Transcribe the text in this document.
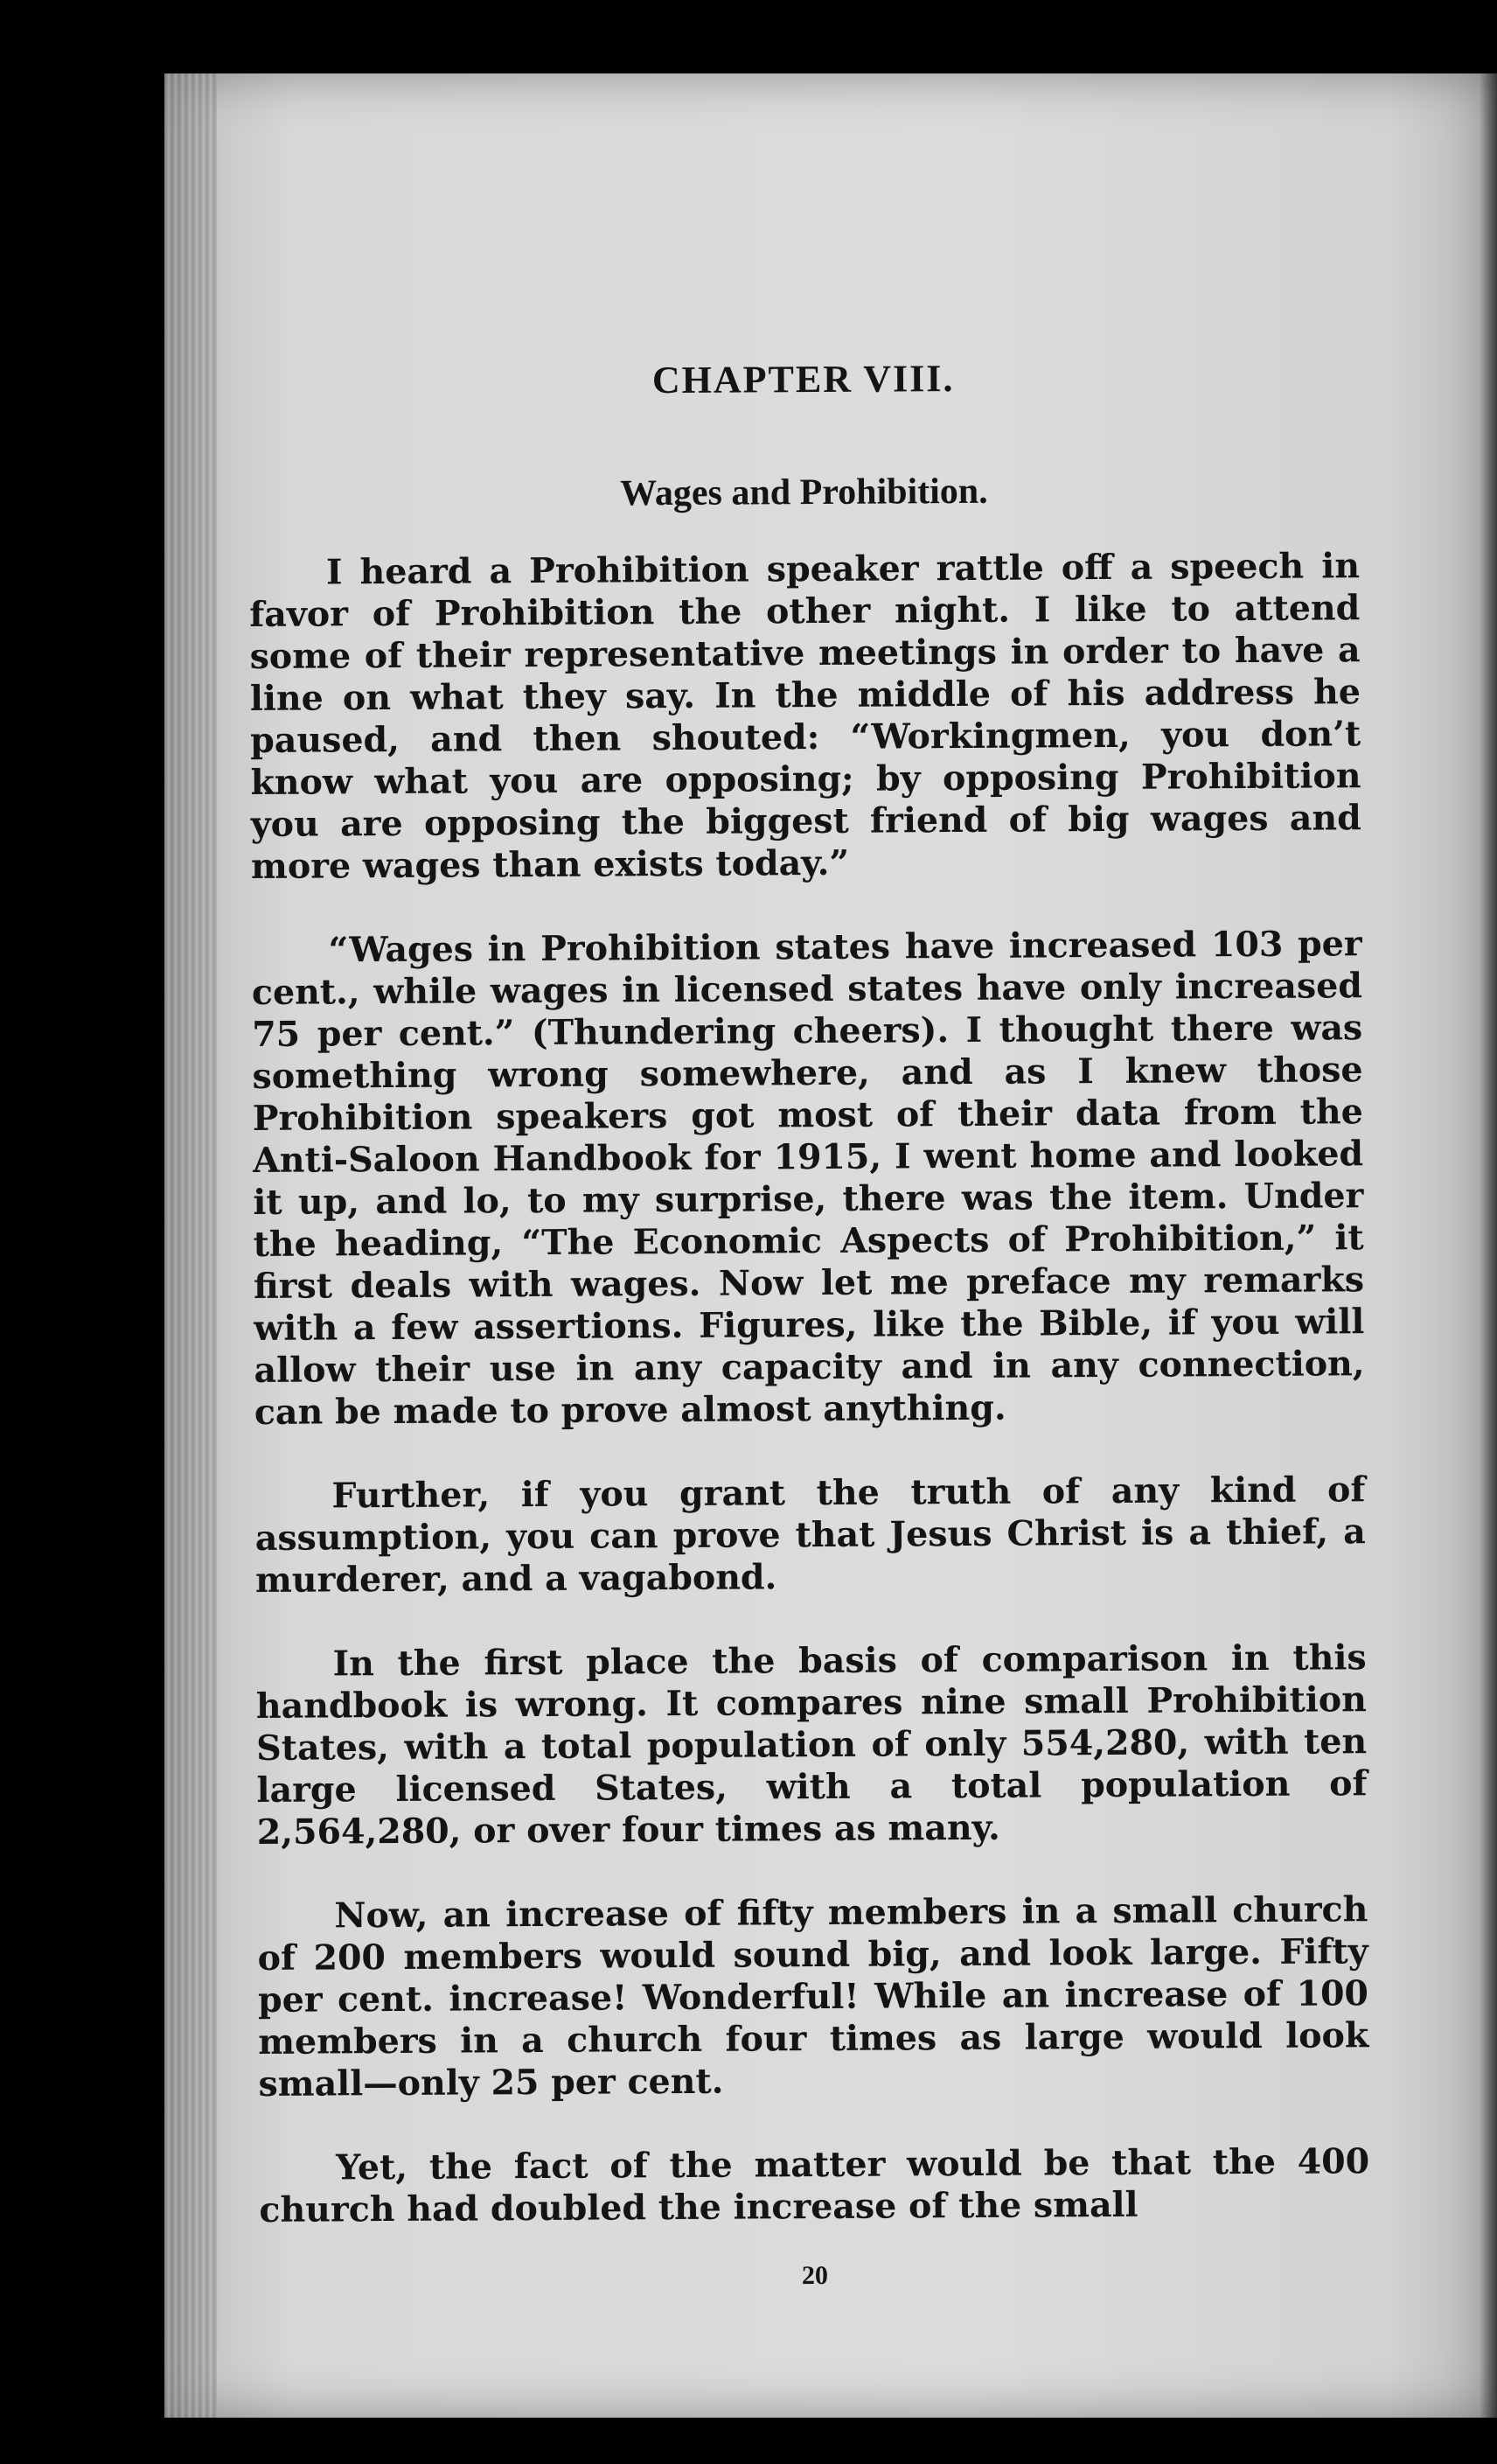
CHAPTER VIII.
Wages and Prohibition.

I heard a Prohibition speaker rattle off a speech in favor of Prohibition the other night. I like to attend some of their representative meetings in order to have a line on what they say. In the middle of his address he paused, and then shouted: “Workingmen, you don’t know what you are opposing; by opposing Prohibition you are opposing the biggest friend of big wages and more wages than exists today.”

“Wages in Prohibition states have increased 103 per cent., while wages in licensed states have only increased 75 per cent.” (Thundering cheers). I thought there was something wrong somewhere, and as I knew those Prohibition speakers got most of their data from the Anti-Saloon Handbook for 1915, I went home and looked it up, and lo, to my surprise, there was the item. Under the heading, “The Economic Aspects of Prohibition,” it first deals with wages. Now let me preface my remarks with a few assertions. Figures, like the Bible, if you will allow their use in any capacity and in any connection, can be made to prove almost anything.

Further, if you grant the truth of any kind of assumption, you can prove that Jesus Christ is a thief, a murderer, and a vagabond.

In the first place the basis of comparison in this handbook is wrong. It compares nine small Prohibition States, with a total population of only 554,280, with ten large licensed States, with a total population of 2,564,280, or over four times as many.

Now, an increase of fifty members in a small church of 200 members would sound big, and look large. Fifty per cent. increase! Wonderful! While an increase of 100 members in a church four times as large would look small—only 25 per cent.

Yet, the fact of the matter would be that the 400 church had doubled the increase of the small

20
